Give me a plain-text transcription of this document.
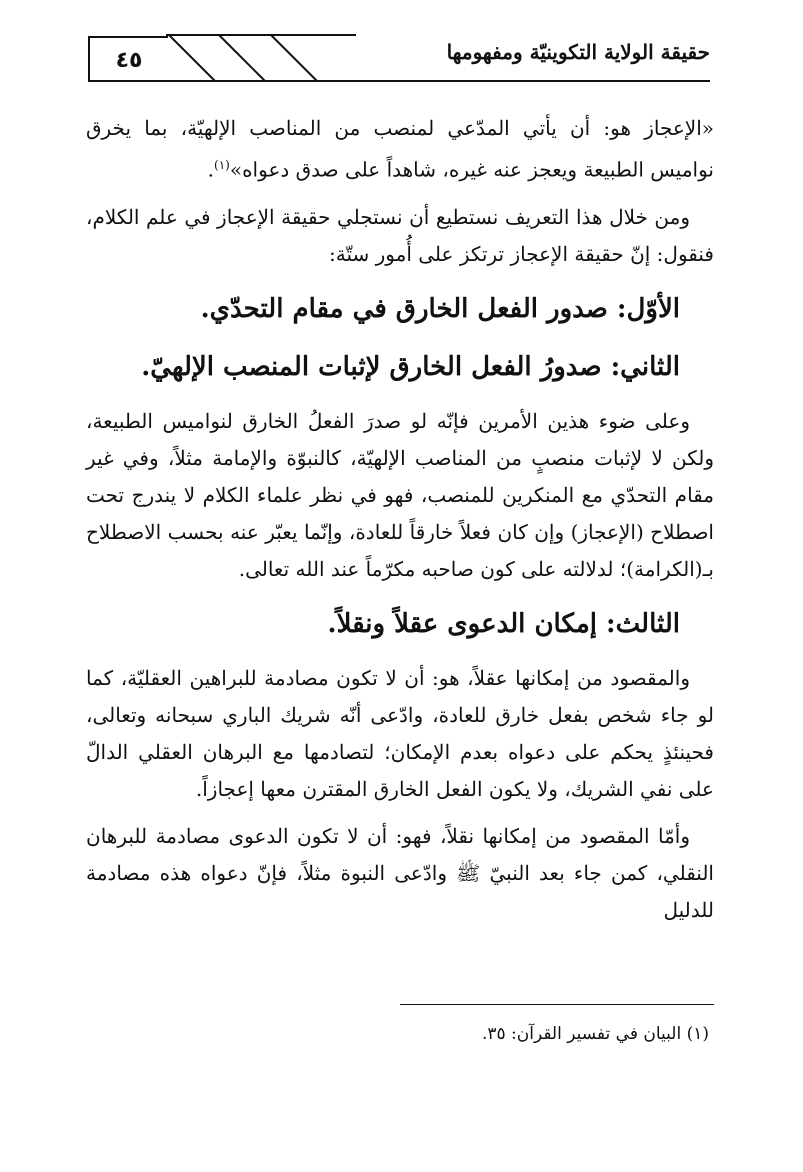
٤٥	حقيقة الولاية التكوينيّة ومفهومها

«الإعجاز هو: أن يأتي المدّعي لمنصب من المناصب الإلهيّة، بما يخرق نواميس الطبيعة ويعجز عنه غيره، شاهداً على صدق دعواه»$^{(١)}$.

ومن خلال هذا التعريف نستطيع أن نستجلي حقيقة الإعجاز في علم الكلام، فنقول: إنّ حقيقة الإعجاز ترتكز على أُمور ستّة:

الأوّل: صدور الفعل الخارق في مقام التحدّي.
الثاني: صدورُ الفعل الخارق لإثبات المنصب الإلهيّ.

وعلى ضوء هذين الأمرين فإنّه لو صدرَ الفعلُ الخارق لنواميس الطبيعة، ولكن لا لإثبات منصبٍ من المناصب الإلهيّة، كالنبوّة والإمامة مثلاً، وفي غير مقام التحدّي مع المنكرين للمنصب، فهو في نظر علماء الكلام لا يندرج تحت اصطلاح (الإعجاز) وإن كان فعلاً خارقاً للعادة، وإنّما يعبّر عنه بحسب الاصطلاح بـ(الكرامة)؛ لدلالته على كون صاحبه مكرّماً عند الله تعالى.

الثالث: إمكان الدعوى عقلاً ونقلاً.

والمقصود من إمكانها عقلاً، هو: أن لا تكون مصادمة للبراهين العقليّة، كما لو جاء شخص بفعل خارق للعادة، وادّعى أنّه شريك الباري سبحانه وتعالى، فحينئذٍ يحكم على دعواه بعدم الإمكان؛ لتصادمها مع البرهان العقلي الدالّ على نفي الشريك، ولا يكون الفعل الخارق المقترن معها إعجازاً.

وأمّا المقصود من إمكانها نقلاً، فهو: أن لا تكون الدعوى مصادمة للبرهان النقلي، كمن جاء بعد النبيّ ﷺ وادّعى النبوة مثلاً، فإنّ دعواه هذه مصادمة للدليل

(١) البيان في تفسير القرآن: ٣٥.
